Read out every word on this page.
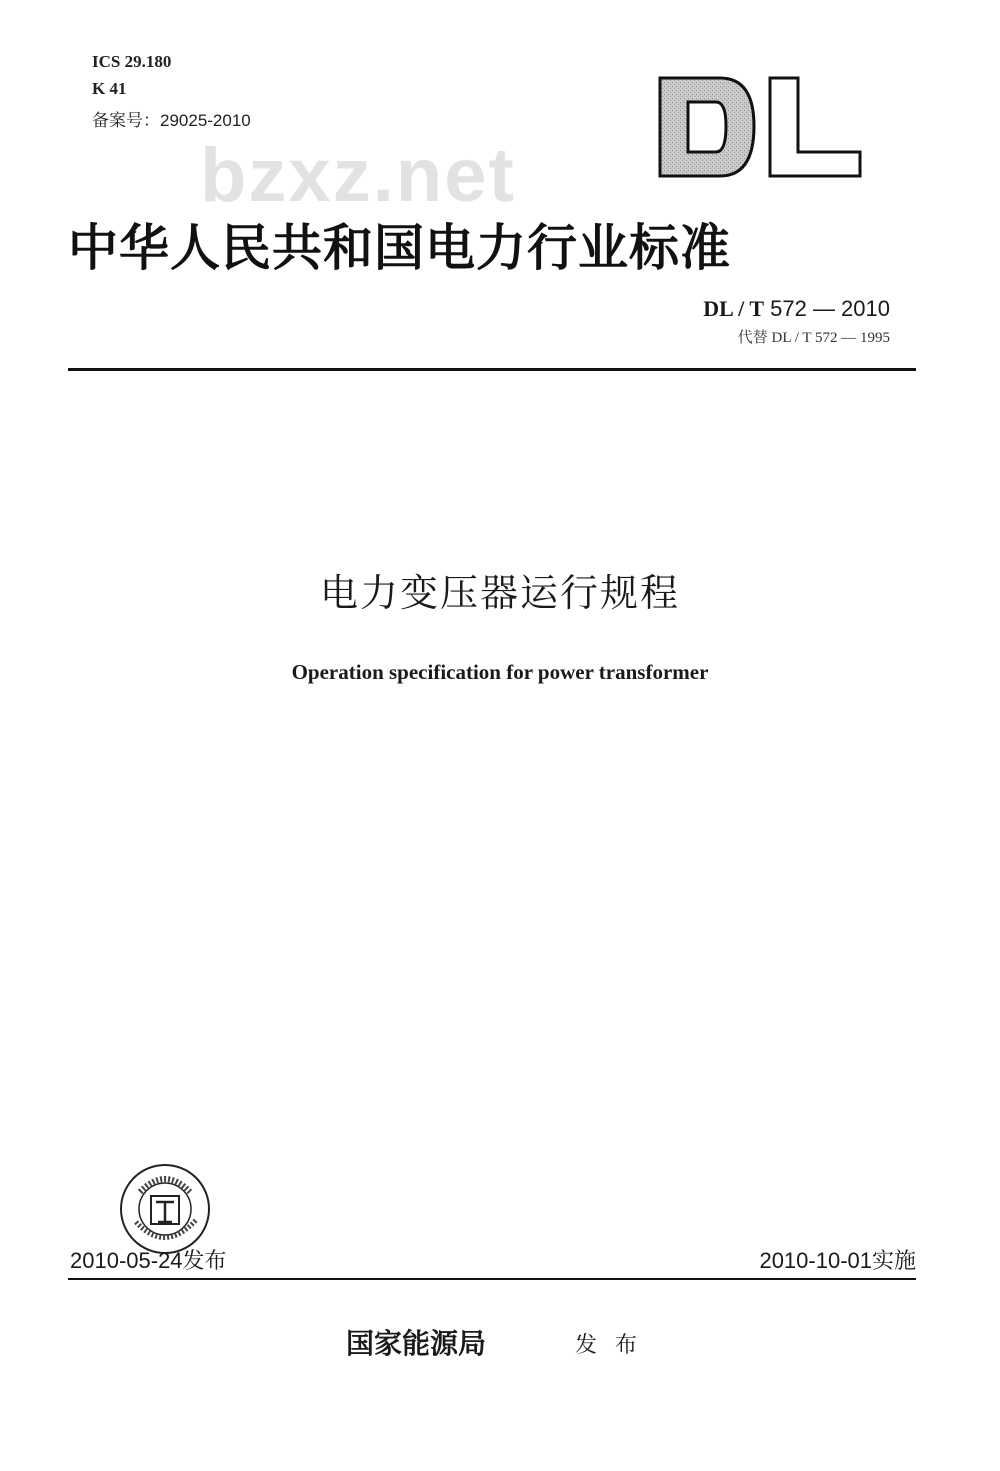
ICS 29.180
K 41
备案号：29025-2010
bzxz.net
中华人民共和国电力行业标准
DL / T 572 — 2010
代替 DL / T 572 — 1995
电力变压器运行规程
Operation specification for power transformer
2010-05-24发布	2010-10-01实施
国家能源局	发布
